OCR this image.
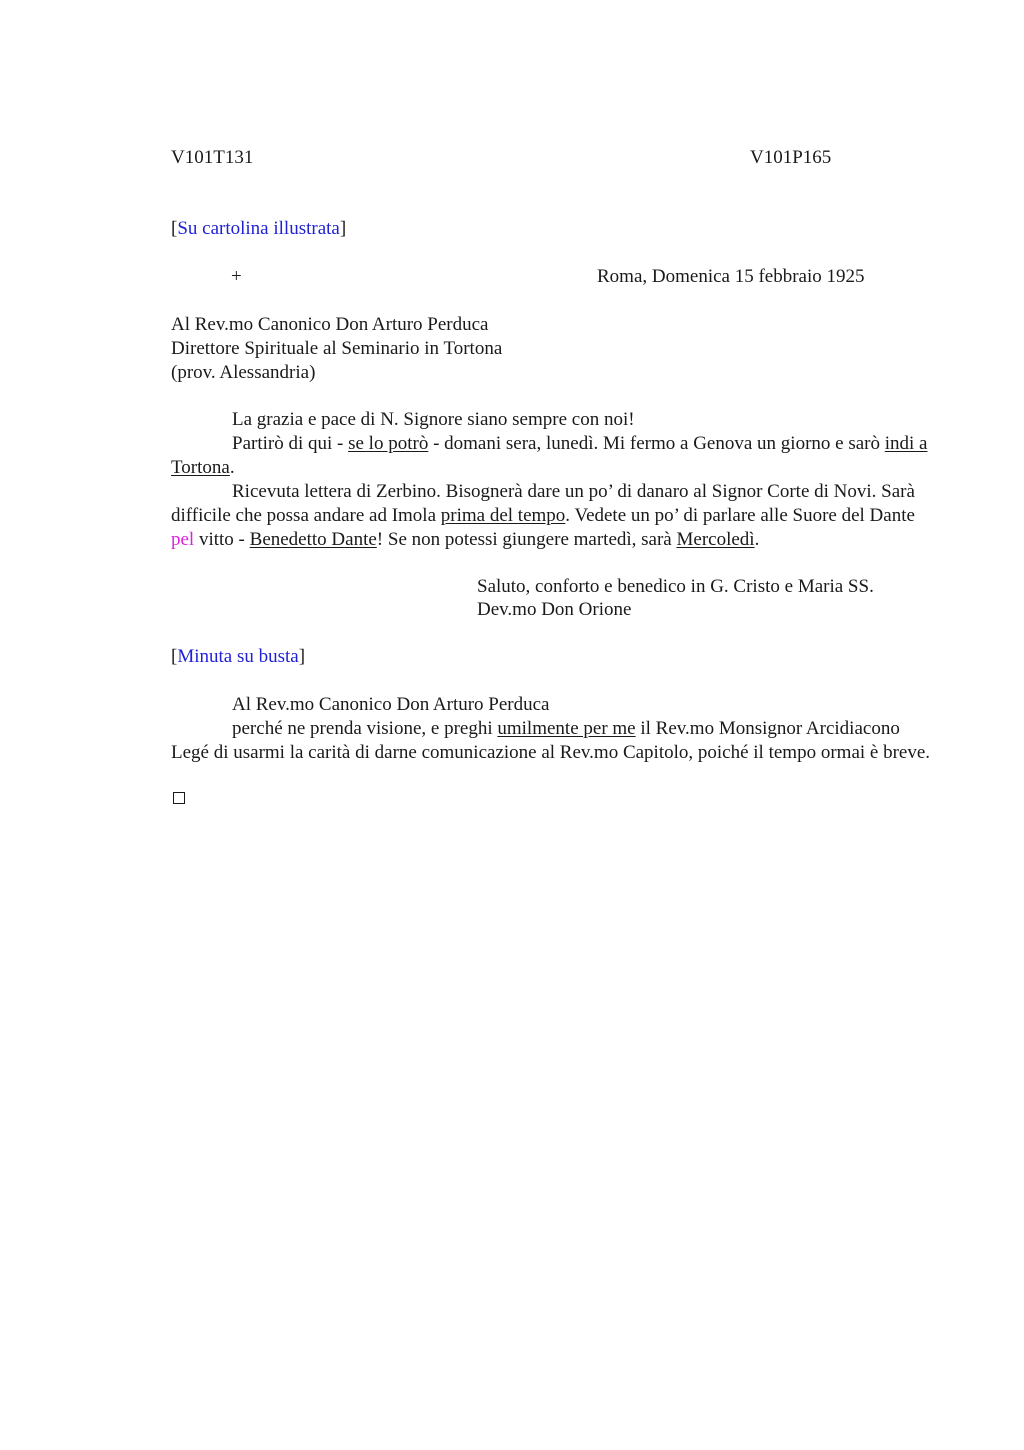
V101T131	V101P165
[Su cartolina illustrata]
+	Roma, Domenica 15 febbraio 1925
Al Rev.mo Canonico Don Arturo Perduca
Direttore Spirituale al Seminario in Tortona
(prov. Alessandria)

La grazia e pace di N. Signore siano sempre con noi!

Partirò di qui - se lo potrò - domani sera, lunedì. Mi fermo a Genova un giorno e sarò indi a Tortona.

Ricevuta lettera di Zerbino. Bisognerà dare un po’ di danaro al Signor Corte di Novi. Sarà difficile che possa andare ad Imola prima del tempo. Vedete un po’ di parlare alle Suore del Dante pel vitto - Benedetto Dante! Se non potessi giungere martedì, sarà Mercoledì.

Saluto, conforto e benedico in G. Cristo e Maria SS.
Dev.mo Don Orione
[Minuta su busta]

Al Rev.mo Canonico Don Arturo Perduca

perché ne prenda visione, e preghi umilmente per me il Rev.mo Monsignor Arcidiacono Legé di usarmi la carità di darne comunicazione al Rev.mo Capitolo, poiché il tempo ormai è breve.
